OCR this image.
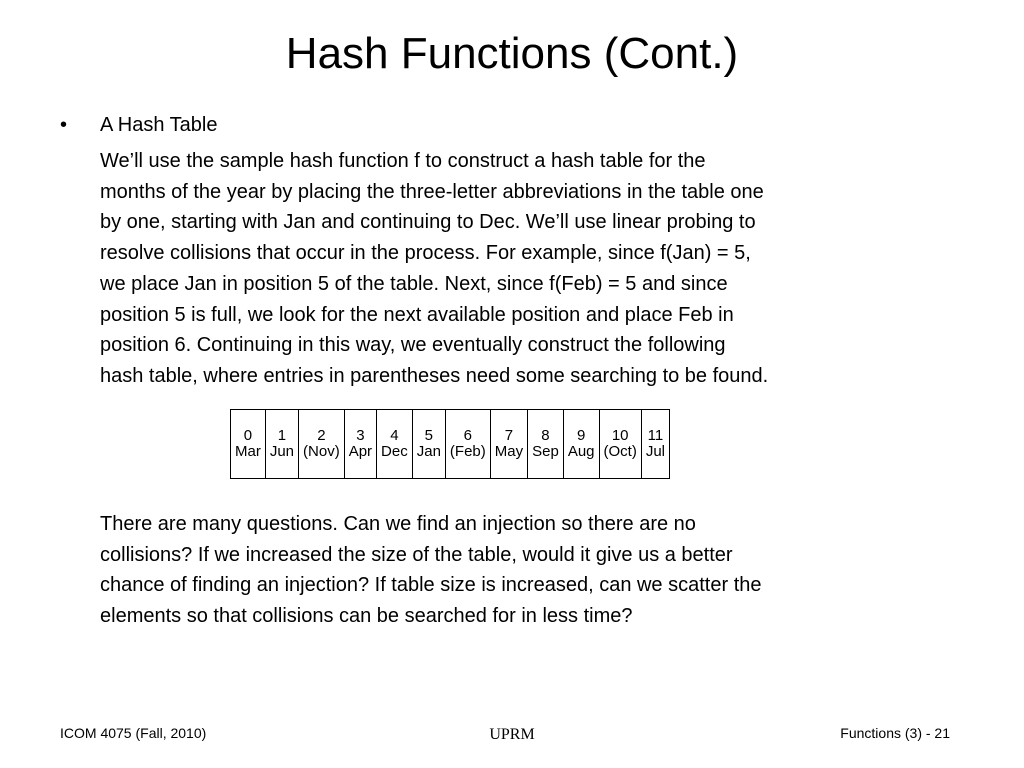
Hash Functions (Cont.)
• A Hash Table
We’ll use the sample hash function f to construct a hash table for the
months of the year by placing the three-letter abbreviations in the table one
by one, starting with Jan and continuing to Dec. We’ll use linear probing to
resolve collisions that occur in the process. For example, since f(Jan) = 5,
we place Jan in position 5 of the table. Next, since f(Feb) = 5 and since
position 5 is full, we look for the next available position and place Feb in
position 6. Continuing in this way, we eventually construct the following
hash table, where entries in parentheses need some searching to be found.
0	1	2	3	4	5	6	7	8	9	10	11
Mar	Jun	(Nov)	Apr	Dec	Jan	(Feb)	May	Sep	Aug	(Oct)	Jul
There are many questions. Can we find an injection so there are no
collisions? If we increased the size of the table, would it give us a better
chance of finding an injection? If table size is increased, can we scatter the
elements so that collisions can be searched for in less time?
ICOM 4075 (Fall, 2010)	UPRM	Functions (3) - 21
